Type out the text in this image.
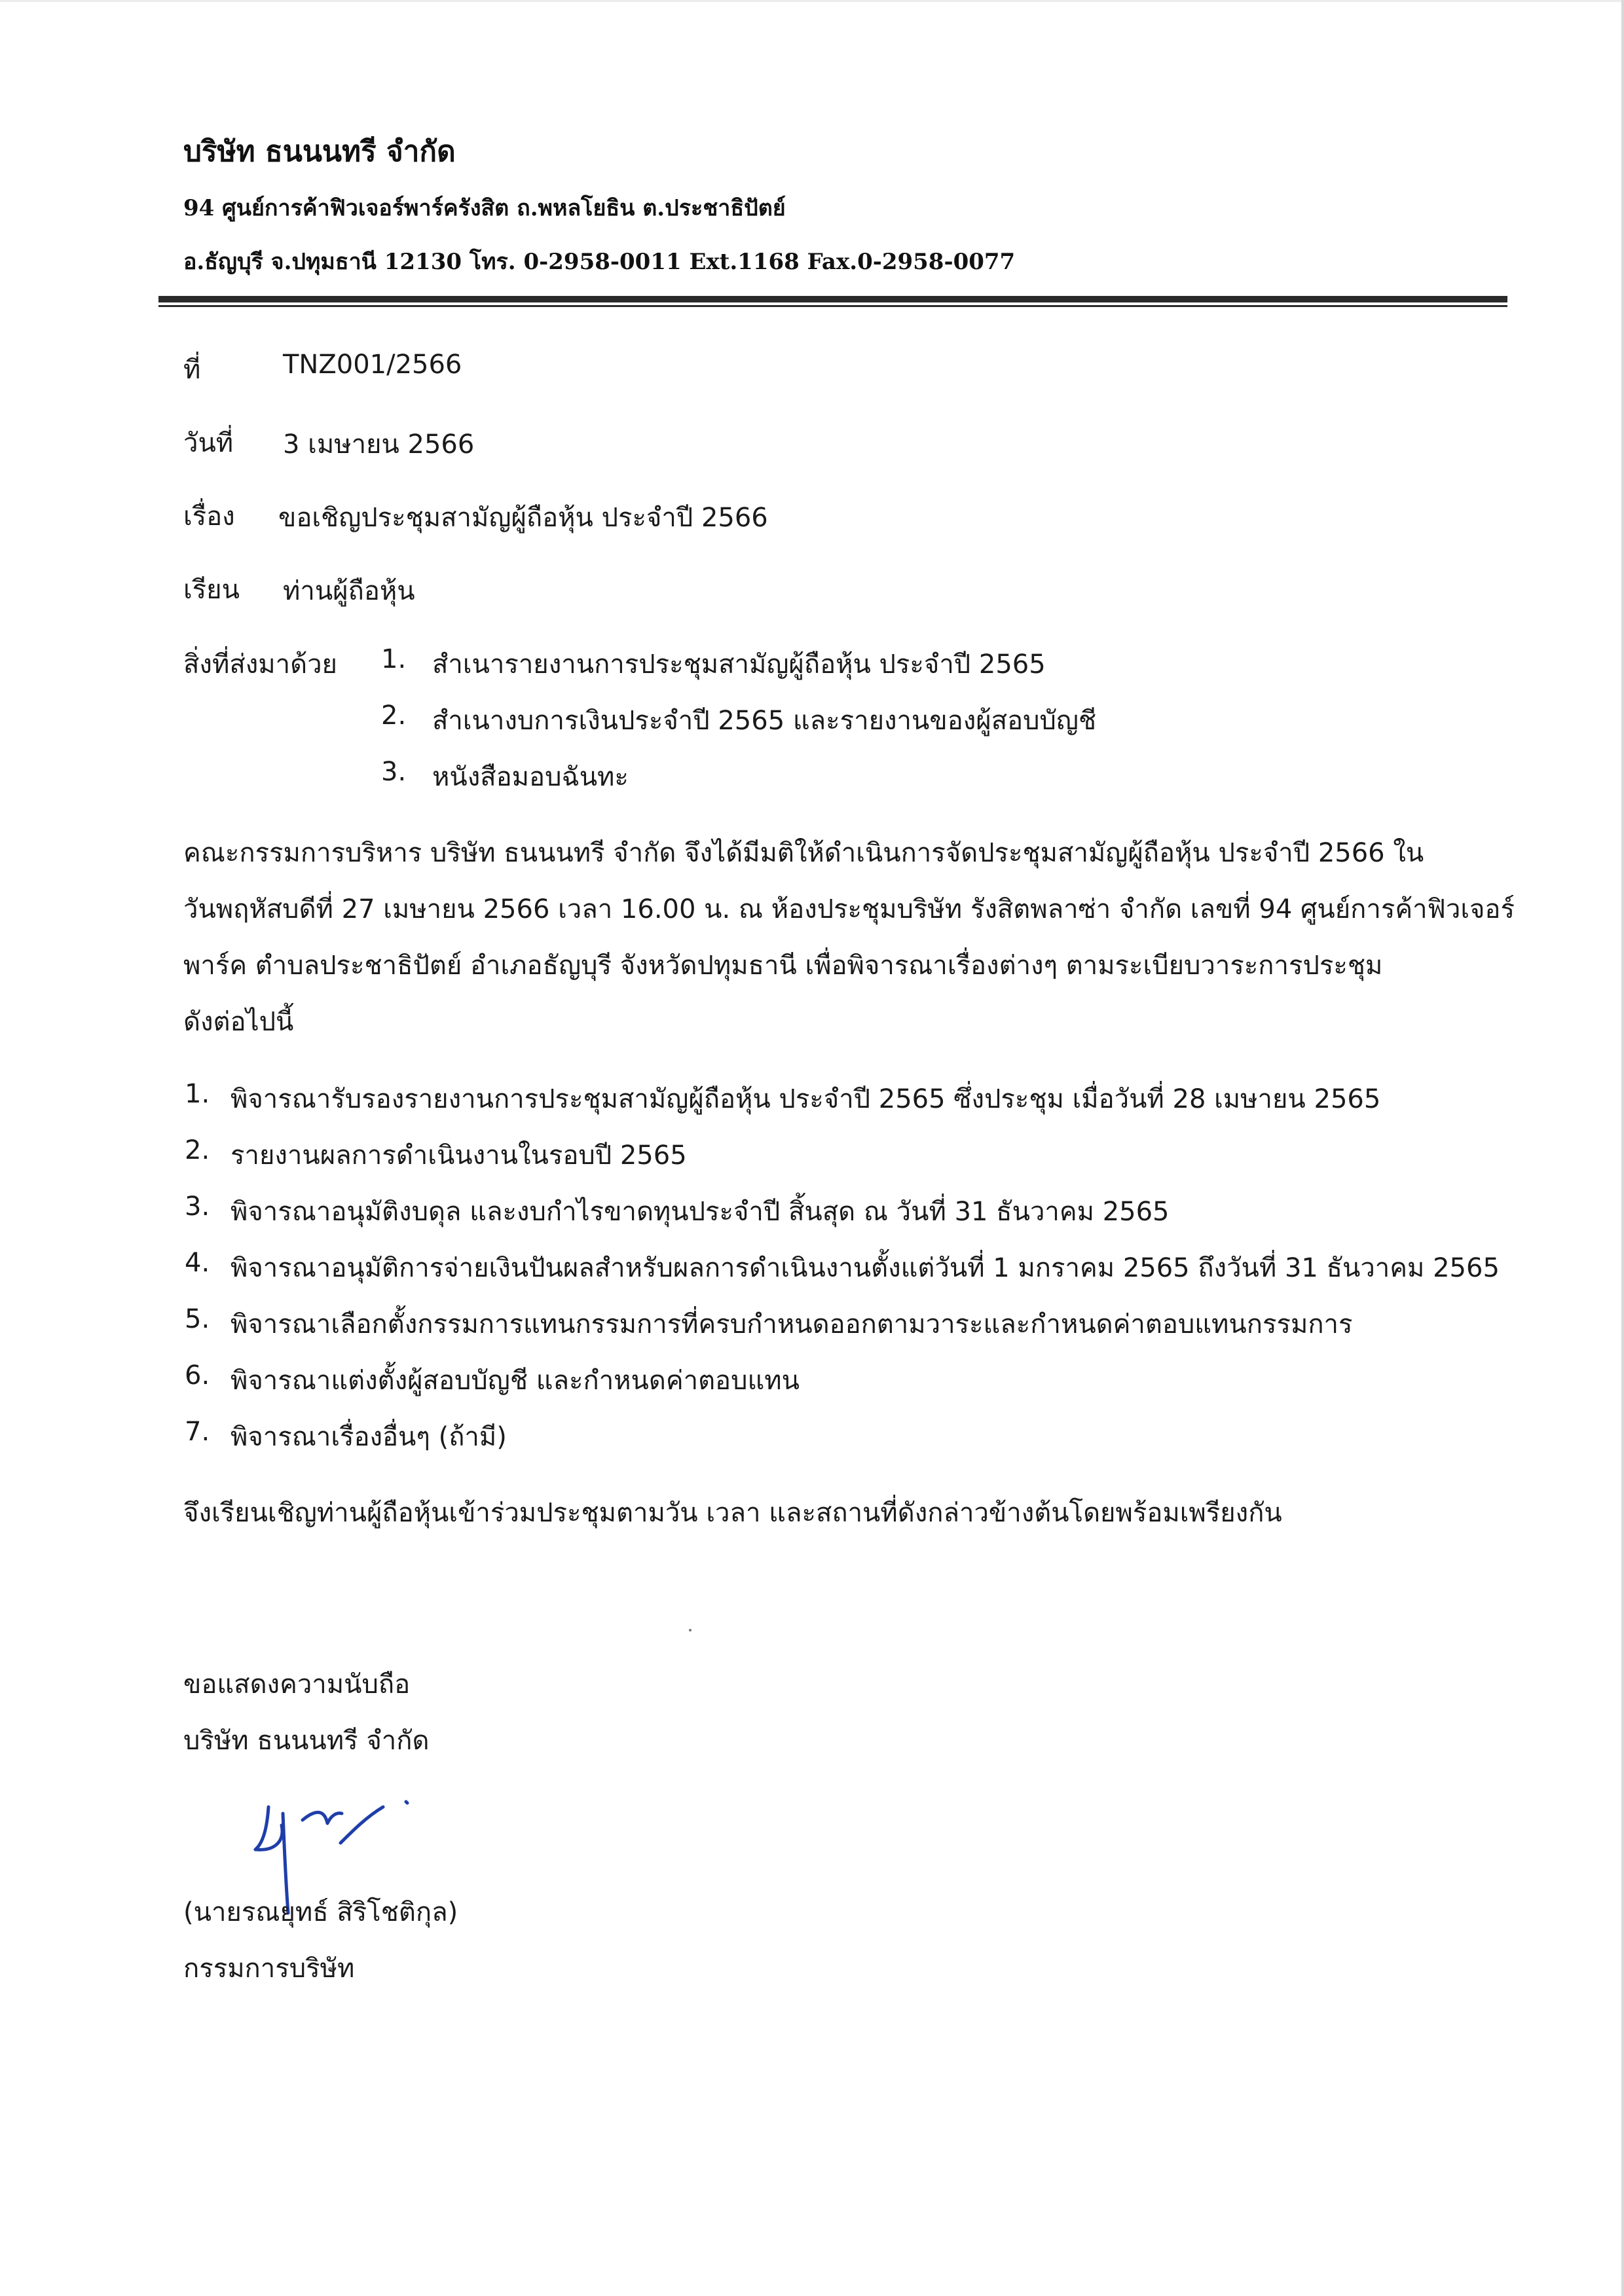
บริษัท ธนนนทรี จำกัด
94 ศูนย์การค้าฟิวเจอร์พาร์ครังสิต ถ.พหลโยธิน ต.ประชาธิปัตย์
อ.ธัญบุรี จ.ปทุมธานี 12130 โทร. 0-2958-0011 Ext.1168 Fax.0-2958-0077
ที่	TNZ001/2566
วันที่ 3 เมษายน 2566
เรื่อง ขอเชิญประชุมสามัญผู้ถือหุ้น ประจำปี 2566
เรียน ท่านผู้ถือหุ้น
สิ่งที่ส่งมาด้วย 1. สำเนารายงานการประชุมสามัญผู้ถือหุ้น ประจำปี 2565
2. สำเนางบการเงินประจำปี 2565 และรายงานของผู้สอบบัญชี
3. หนังสือมอบฉันทะ
คณะกรรมการบริหาร บริษัท ธนนนทรี จำกัด จึงได้มีมติให้ดำเนินการจัดประชุมสามัญผู้ถือหุ้น ประจำปี 2566 ใน
วันพฤหัสบดีที่ 27 เมษายน 2566 เวลา 16.00 น. ณ ห้องประชุมบริษัท รังสิตพลาซ่า จำกัด เลขที่ 94 ศูนย์การค้าฟิวเจอร์
พาร์ค ตำบลประชาธิปัตย์ อำเภอธัญบุรี จังหวัดปทุมธานี เพื่อพิจารณาเรื่องต่างๆ ตามระเบียบวาระการประชุม
ดังต่อไปนี้
1. พิจารณารับรองรายงานการประชุมสามัญผู้ถือหุ้น ประจำปี 2565 ซึ่งประชุม เมื่อวันที่ 28 เมษายน 2565
2. รายงานผลการดำเนินงานในรอบปี 2565
3. พิจารณาอนุมัติงบดุล และงบกำไรขาดทุนประจำปี สิ้นสุด ณ วันที่ 31 ธันวาคม 2565
4. พิจารณาอนุมัติการจ่ายเงินปันผลสำหรับผลการดำเนินงานตั้งแต่วันที่ 1 มกราคม 2565 ถึงวันที่ 31 ธันวาคม 2565
5. พิจารณาเลือกตั้งกรรมการแทนกรรมการที่ครบกำหนดออกตามวาระและกำหนดค่าตอบแทนกรรมการ
6. พิจารณาแต่งตั้งผู้สอบบัญชี และกำหนดค่าตอบแทน
7. พิจารณาเรื่องอื่นๆ (ถ้ามี)
จึงเรียนเชิญท่านผู้ถือหุ้นเข้าร่วมประชุมตามวัน เวลา และสถานที่ดังกล่าวข้างต้นโดยพร้อมเพรียงกัน
ขอแสดงความนับถือ
บริษัท ธนนนทรี จำกัด
(นายรณยุทธ์ สิริโชติกุล)
กรรมการบริษัท
